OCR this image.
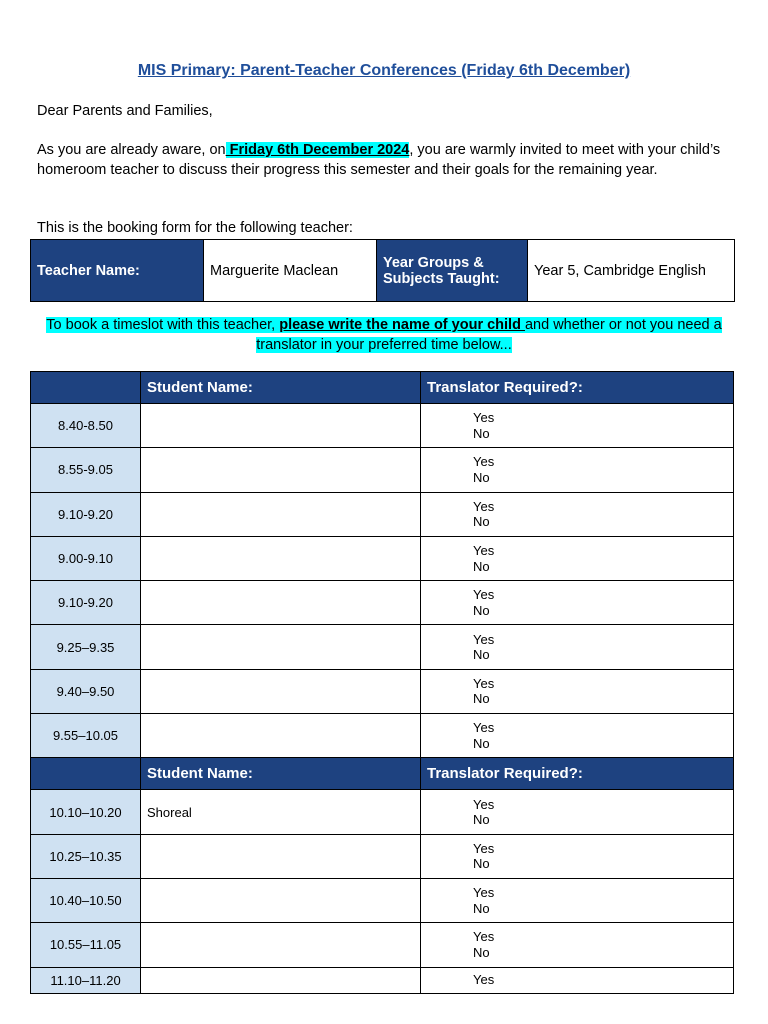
MIS Primary: Parent-Teacher Conferences (Friday 6th December)
Dear Parents and Families,
As you are already aware, on Friday 6th December 2024, you are warmly invited to meet with your child’s homeroom teacher to discuss their progress this semester and their goals for the remaining year.
This is the booking form for the following teacher:
Teacher Name:	Marguerite Maclean	Year Groups & Subjects Taught:	Year 5, Cambridge English
To book a timeslot with this teacher, please write the name of your child and whether or not you need a translator in your preferred time below...
	Student Name:	Translator Required?:
8.40-8.50		Yes
No

8.55-9.05		Yes
No

9.10-9.20		Yes
No

9.00-9.10		Yes
No

9.10-9.20		Yes
No

9.25–9.35		Yes
No

9.40–9.50		Yes
No

9.55–10.05		Yes
No

	Student Name:	Translator Required?:
10.10–10.20	Shoreal	Yes
No

10.25–10.35		Yes
No

10.40–10.50		Yes
No

10.55–11.05		Yes
No

11.10–11.20		Yes
